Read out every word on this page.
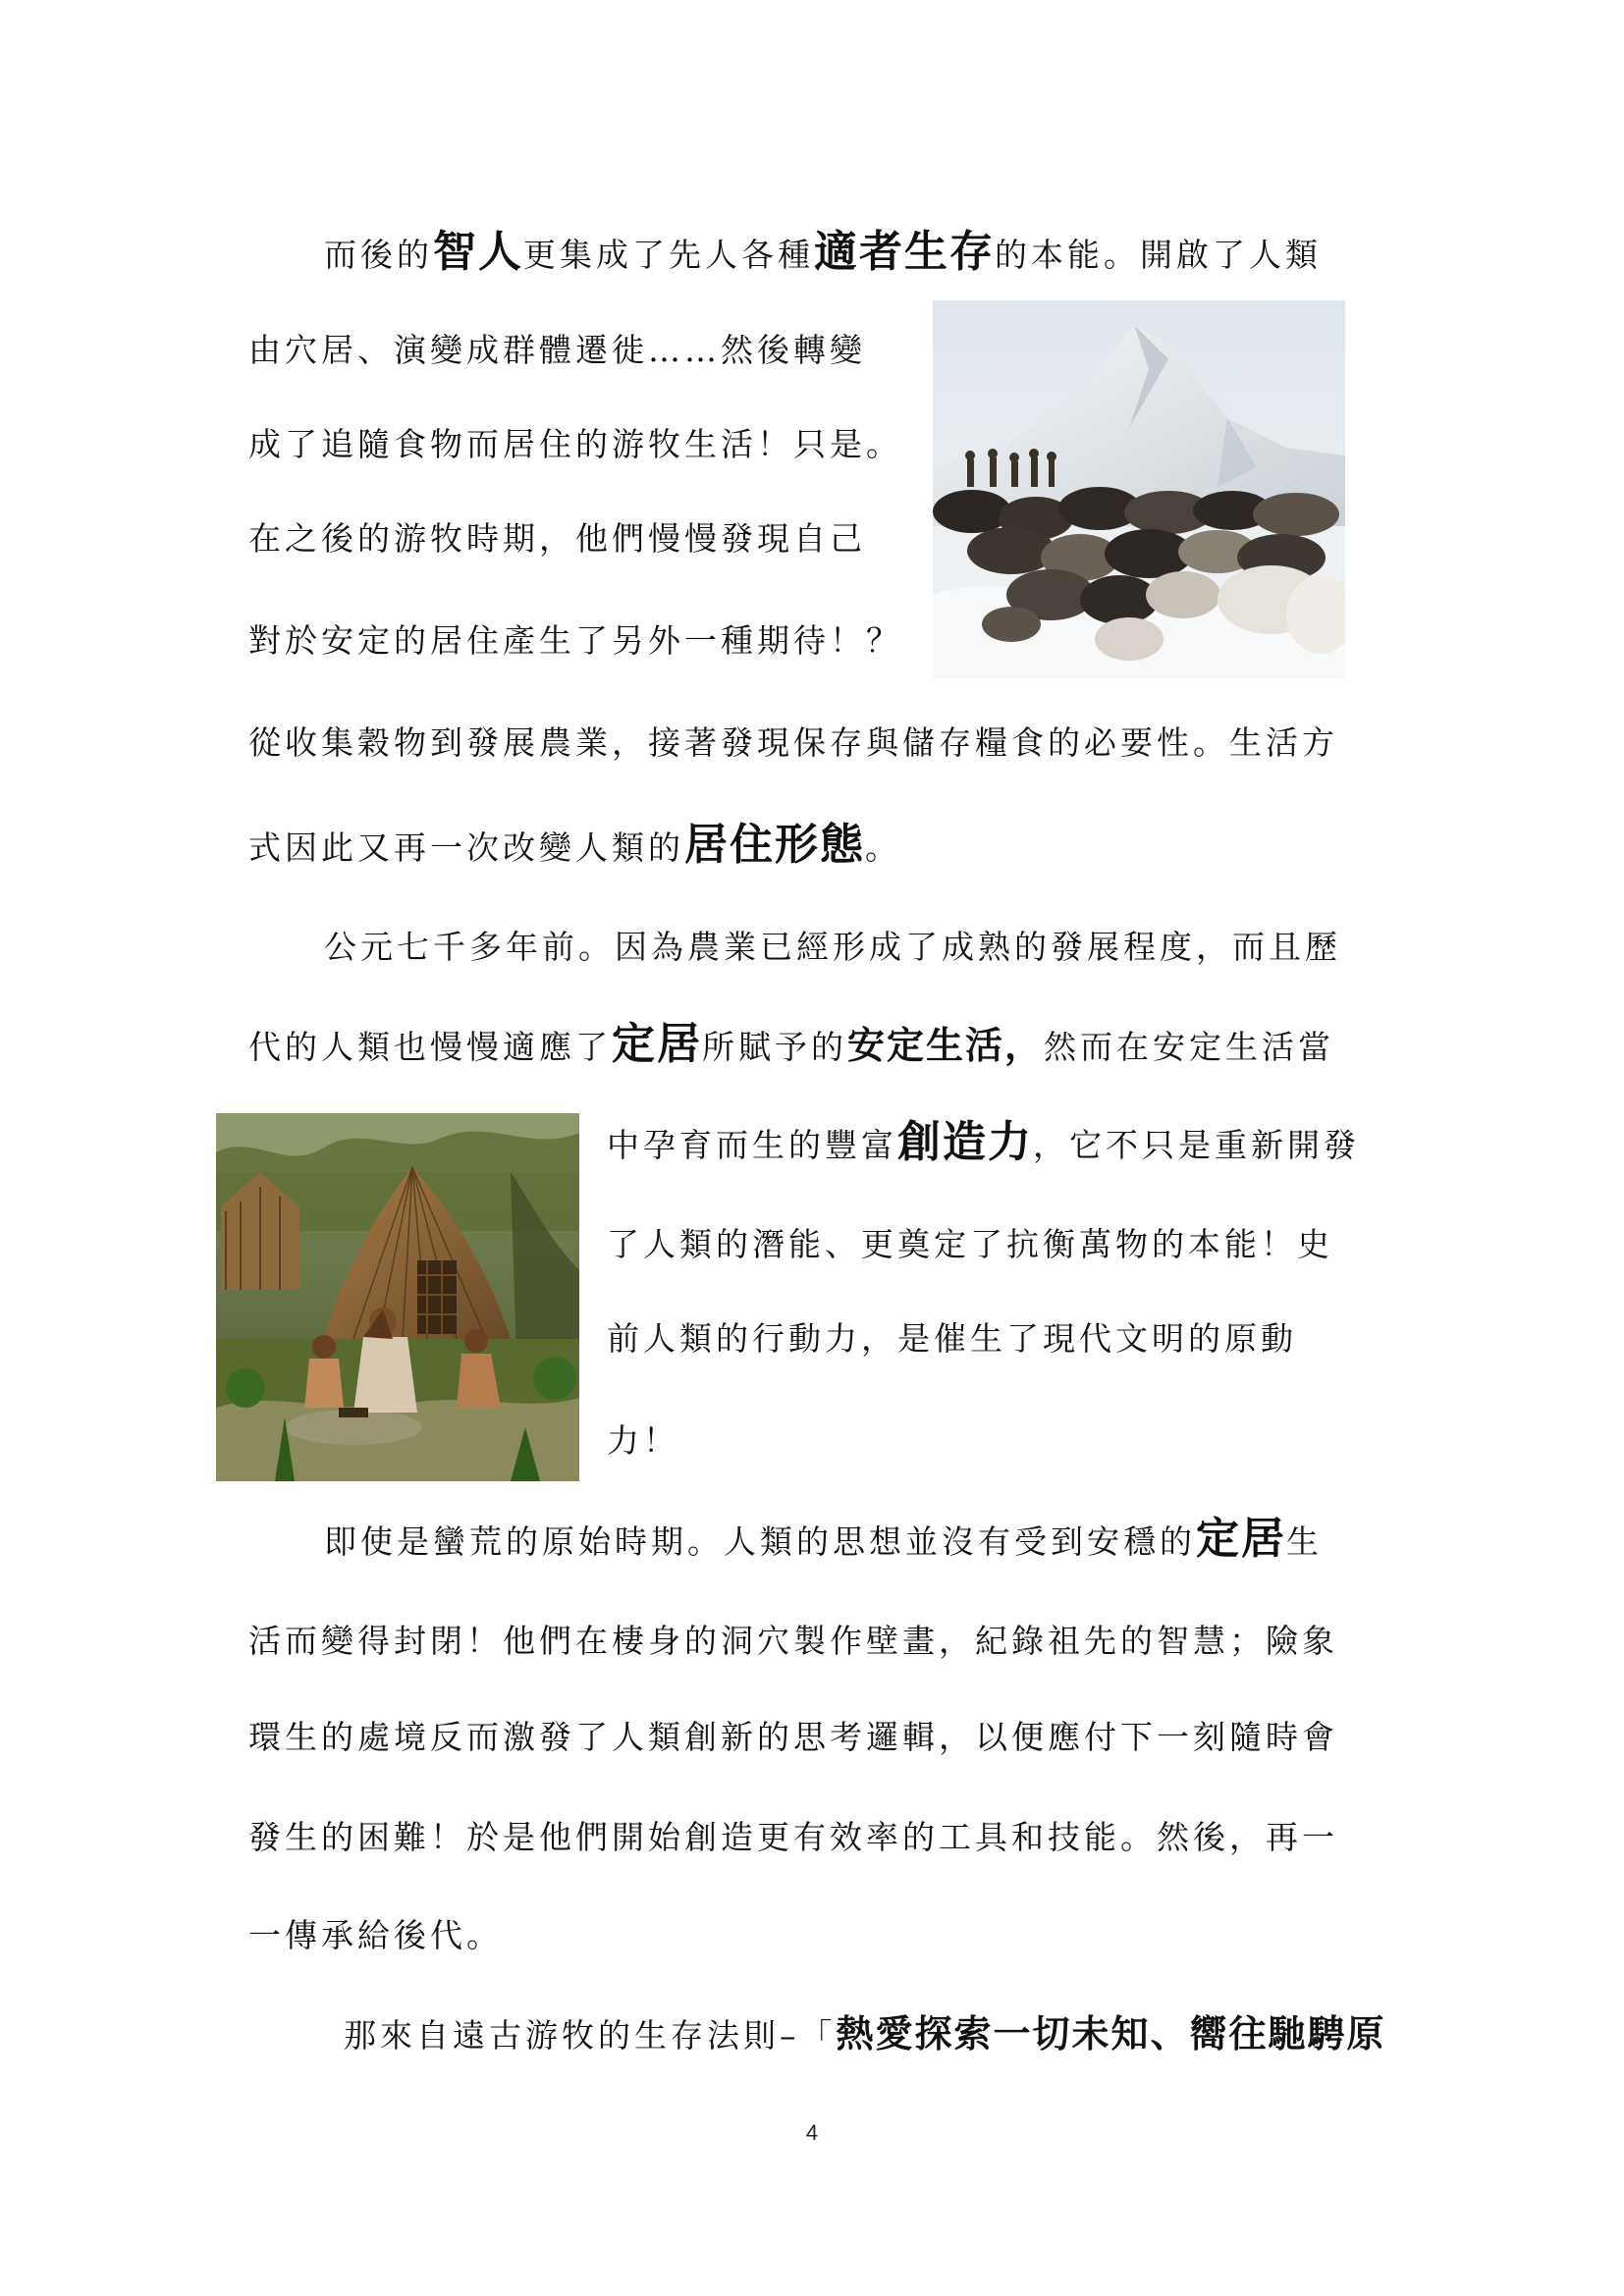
而後的智人更集成了先人各種適者生存的本能。開啟了人類
由穴居、演變成群體遷徙……然後轉變
成了追隨食物而居住的游牧生活！只是。
在之後的游牧時期，他們慢慢發現自己
對於安定的居住產生了另外一種期待！？
從收集穀物到發展農業，接著發現保存與儲存糧食的必要性。生活方
式因此又再一次改變人類的居住形態。
公元七千多年前。因為農業已經形成了成熟的發展程度，而且歷
代的人類也慢慢適應了定居所賦予的安定生活，然而在安定生活當
中孕育而生的豐富創造力，它不只是重新開發
了人類的潛能、更奠定了抗衡萬物的本能！史
前人類的行動力，是催生了現代文明的原動
力！
即使是蠻荒的原始時期。人類的思想並沒有受到安穩的定居生
活而變得封閉！他們在棲身的洞穴製作壁畫，紀錄祖先的智慧；險象
環生的處境反而激發了人類創新的思考邏輯，以便應付下一刻隨時會
發生的困難！於是他們開始創造更有效率的工具和技能。然後，再一
一傳承給後代。
那來自遠古游牧的生存法則–「熱愛探索一切未知、嚮往馳騁原
4
